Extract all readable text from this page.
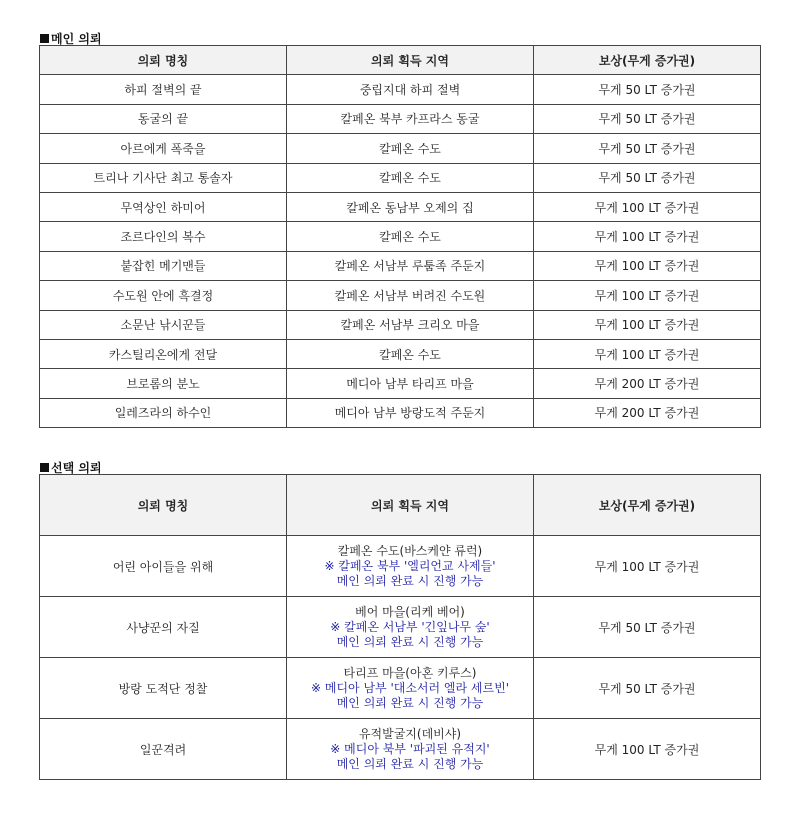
메인 의뢰
의뢰 명칭	의뢰 획득 지역	보상(무게 증가권)
하피 절벽의 끝	중립지대 하피 절벽	무게 50 LT 증가권
동굴의 끝	칼페온 북부 카프라스 동굴	무게 50 LT 증가권
아르에게 폭죽을	칼페온 수도	무게 50 LT 증가권
트리나 기사단 최고 통솔자	칼페온 수도	무게 50 LT 증가권
무역상인 하미어	칼페온 동남부 오제의 집	무게 100 LT 증가권
조르다인의 복수	칼페온 수도	무게 100 LT 증가권
붙잡힌 메기맨들	칼페온 서남부 루툼족 주둔지	무게 100 LT 증가권
수도원 안에 흑결정	칼페온 서남부 버려진 수도원	무게 100 LT 증가권
소문난 낚시꾼들	칼페온 서남부 크리오 마을	무게 100 LT 증가권
카스틸리온에게 전달	칼페온 수도	무게 100 LT 증가권
브로롬의 분노	메디아 남부 타리프 마을	무게 200 LT 증가권
일레즈라의 하수인	메디아 남부 방랑도적 주둔지	무게 200 LT 증가권
선택 의뢰
의뢰 명칭	의뢰 획득 지역	보상(무게 증가권)
어린 아이들을 위해	칼페온 수도(바스케얀 류럭)
※ 칼페온 북부 '엘리언교 사제들'
메인 의뢰 완료 시 진행 가능	무게 100 LT 증가권
사냥꾼의 자질	베어 마을(리케 베어)
※ 칼페온 서남부 '긴잎나무 숲'
메인 의뢰 완료 시 진행 가능	무게 50 LT 증가권
방랑 도적단 정찰	타리프 마을(아혼 키루스)
※ 메디아 남부 '대소서러 엘라 세르빈'
메인 의뢰 완료 시 진행 가능	무게 50 LT 증가권
일꾼격려	유적발굴지(데비샤)
※ 메디아 북부 '파괴된 유적지'
메인 의뢰 완료 시 진행 가능	무게 100 LT 증가권
